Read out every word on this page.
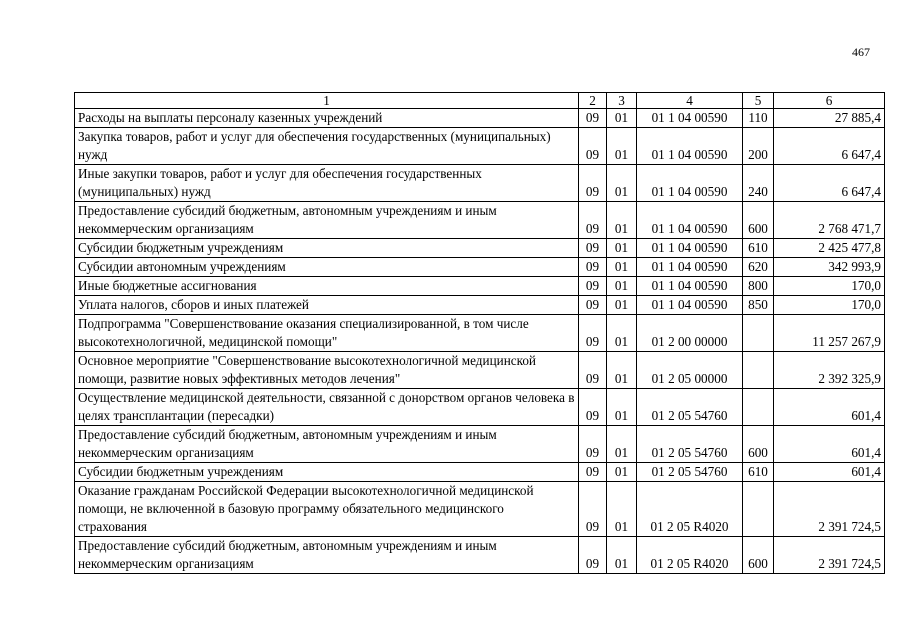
467
1	2	3	4	5	6
Расходы на выплаты персоналу казенных учреждений	09	01	01 1 04 00590	110	27 885,4
Закупка товаров, работ и услуг для обеспечения государственных (муниципальных) нужд	09	01	01 1 04 00590	200	6 647,4
Иные закупки товаров, работ и услуг для обеспечения государственных (муниципальных) нужд	09	01	01 1 04 00590	240	6 647,4
Предоставление субсидий бюджетным, автономным учреждениям и иным некоммерческим организациям	09	01	01 1 04 00590	600	2 768 471,7
Субсидии бюджетным учреждениям	09	01	01 1 04 00590	610	2 425 477,8
Субсидии автономным учреждениям	09	01	01 1 04 00590	620	342 993,9
Иные бюджетные ассигнования	09	01	01 1 04 00590	800	170,0
Уплата налогов, сборов и иных платежей	09	01	01 1 04 00590	850	170,0
Подпрограмма "Совершенствование оказания специализированной, в том числе высокотехнологичной, медицинской помощи"	09	01	01 2 00 00000		11 257 267,9
Основное мероприятие "Совершенствование высокотехнологичной медицинской помощи, развитие новых эффективных методов лечения"	09	01	01 2 05 00000		2 392 325,9
Осуществление медицинской деятельности, связанной с донорством органов человека в целях трансплантации (пересадки)	09	01	01 2 05 54760		601,4
Предоставление субсидий бюджетным, автономным учреждениям и иным некоммерческим организациям	09	01	01 2 05 54760	600	601,4
Субсидии бюджетным учреждениям	09	01	01 2 05 54760	610	601,4
Оказание гражданам Российской Федерации высокотехнологичной медицинской помощи, не включенной в базовую программу обязательного медицинского страхования	09	01	01 2 05 R4020		2 391 724,5
Предоставление субсидий бюджетным, автономным учреждениям и иным некоммерческим организациям	09	01	01 2 05 R4020	600	2 391 724,5
